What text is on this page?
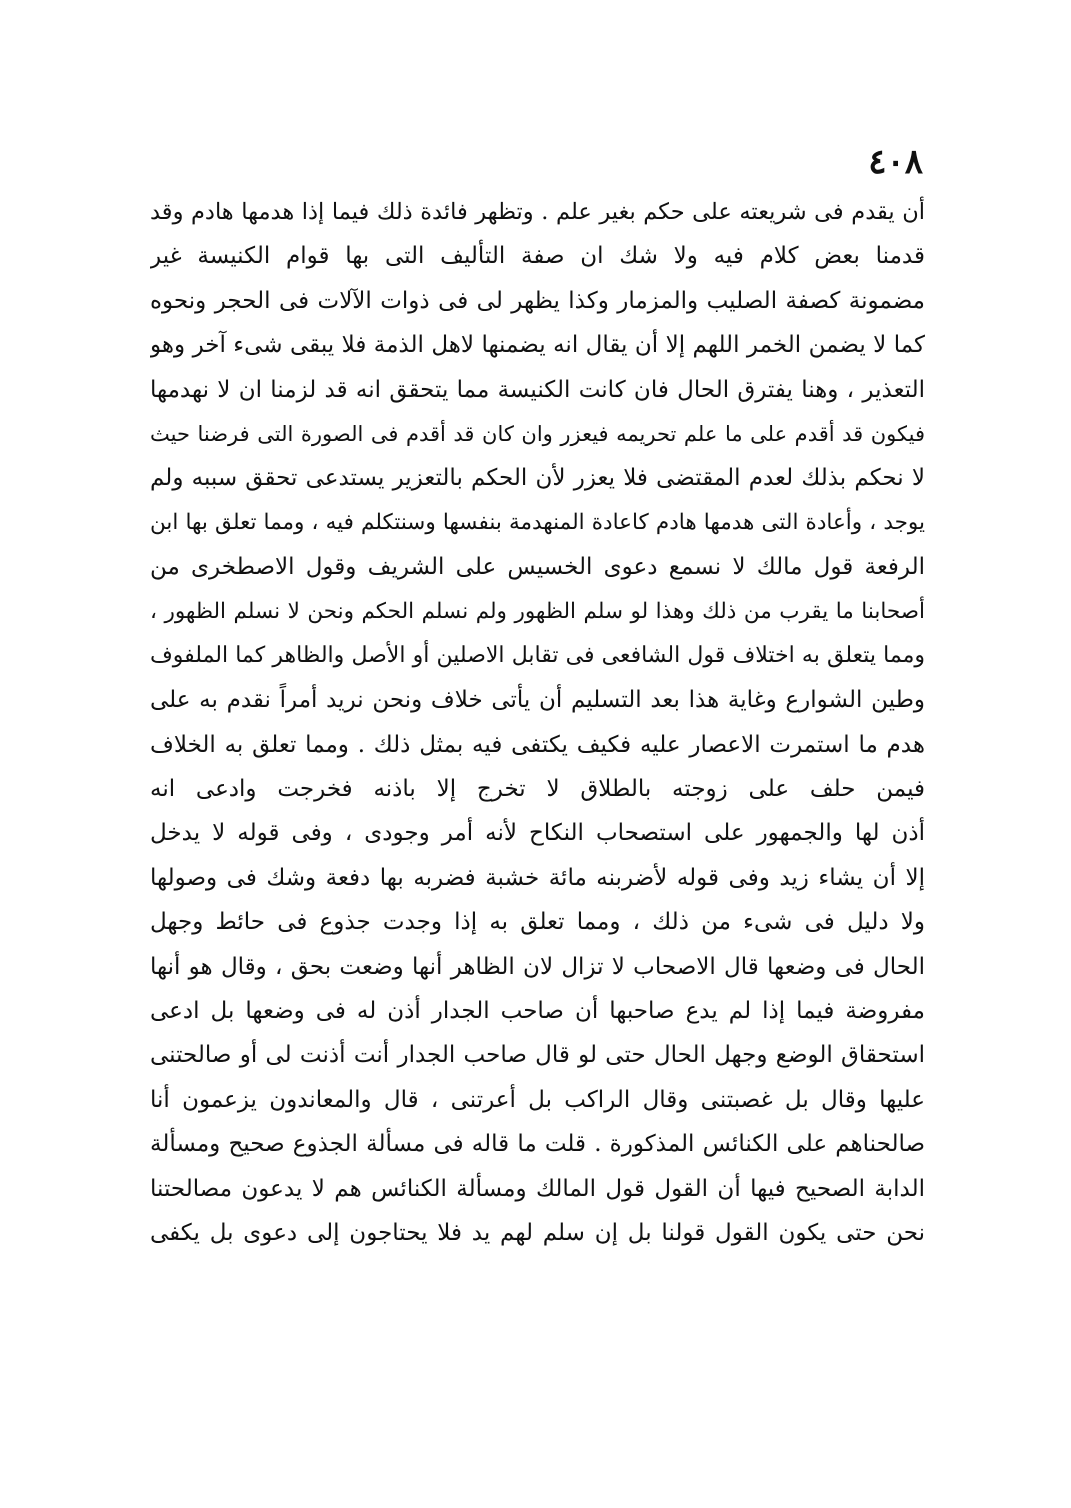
٤٠٨
أن يقدم فى شريعته على حكم بغير علم . وتظهر فائدة ذلك فيما إذا هدمها هادم وقد
قدمنا بعض كلام فيه ولا شك ان صفة التأليف التى بها قوام الكنيسة غير
مضمونة كصفة الصليب والمزمار وكذا يظهر لى فى ذوات الآلات فى الحجر ونحوه
كما لا يضمن الخمر اللهم إلا أن يقال انه يضمنها لاهل الذمة فلا يبقى شىء آخر وهو
التعذير ، وهنا يفترق الحال فان كانت الكنيسة مما يتحقق انه قد لزمنا ان لا نهدمها
فيكون قد أقدم على ما علم تحريمه فيعزر وان كان قد أقدم فى الصورة التى فرضنا حيث
لا نحكم بذلك لعدم المقتضى فلا يعزر لأن الحكم بالتعزير يستدعى تحقق سببه ولم
يوجد ، وأعادة التى هدمها هادم كاعادة المنهدمة بنفسها وسنتكلم فيه ، ومما تعلق بها ابن
الرفعة قول مالك لا نسمع دعوى الخسيس على الشريف وقول الاصطخرى من
أصحابنا ما يقرب من ذلك وهذا لو سلم الظهور ولم نسلم الحكم ونحن لا نسلم الظهور ،
ومما يتعلق به اختلاف قول الشافعى فى تقابل الاصلين أو الأصل والظاهر كما الملفوف
وطين الشوارع وغاية هذا بعد التسليم أن يأتى خلاف ونحن نريد أمراً نقدم به على
هدم ما استمرت الاعصار عليه فكيف يكتفى فيه بمثل ذلك . ومما تعلق به الخلاف
فيمن حلف على زوجته بالطلاق لا تخرج إلا باذنه فخرجت وادعى انه
أذن لها والجمهور على استصحاب النكاح لأنه أمر وجودى ، وفى قوله لا يدخل
إلا أن يشاء زيد وفى قوله لأضربنه مائة خشبة فضربه بها دفعة وشك فى وصولها
ولا دليل فى شىء من ذلك ، ومما تعلق به إذا وجدت جذوع فى حائط وجهل
الحال فى وضعها قال الاصحاب لا تزال لان الظاهر أنها وضعت بحق ، وقال هو أنها
مفروضة فيما إذا لم يدع صاحبها أن صاحب الجدار أذن له فى وضعها بل ادعى
استحقاق الوضع وجهل الحال حتى لو قال صاحب الجدار أنت أذنت لى أو صالحتنى
عليها وقال بل غصبتنى وقال الراكب بل أعرتنى ، قال والمعاندون يزعمون أنا
صالحناهم على الكنائس المذكورة . قلت ما قاله فى مسألة الجذوع صحيح ومسألة
الدابة الصحيح فيها أن القول قول المالك ومسألة الكنائس هم لا يدعون مصالحتنا
نحن حتى يكون القول قولنا بل إن سلم لهم يد فلا يحتاجون إلى دعوى بل يكفى
